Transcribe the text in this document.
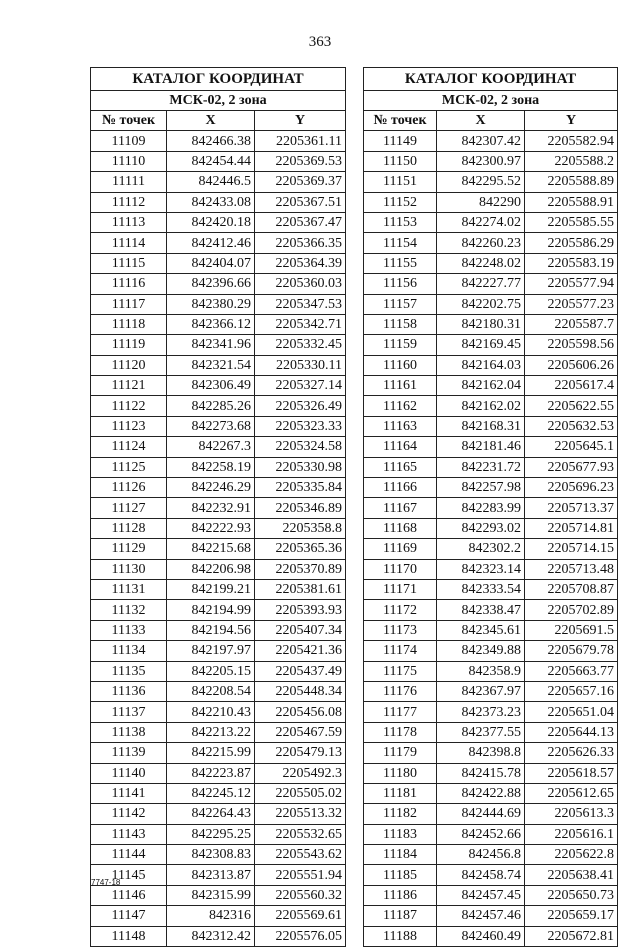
363
КАТАЛОГ КООРДИНАТ		
МСК-02, 2 зона		
№ точек	X	Y
11109	842466.38	2205361.11
11110	842454.44	2205369.53
11111	842446.5	2205369.37
11112	842433.08	2205367.51
11113	842420.18	2205367.47
11114	842412.46	2205366.35
11115	842404.07	2205364.39
11116	842396.66	2205360.03
11117	842380.29	2205347.53
11118	842366.12	2205342.71
11119	842341.96	2205332.45
11120	842321.54	2205330.11
11121	842306.49	2205327.14
11122	842285.26	2205326.49
11123	842273.68	2205323.33
11124	842267.3	2205324.58
11125	842258.19	2205330.98
11126	842246.29	2205335.84
11127	842232.91	2205346.89
11128	842222.93	2205358.8
11129	842215.68	2205365.36
11130	842206.98	2205370.89
11131	842199.21	2205381.61
11132	842194.99	2205393.93
11133	842194.56	2205407.34
11134	842197.97	2205421.36
11135	842205.15	2205437.49
11136	842208.54	2205448.34
11137	842210.43	2205456.08
11138	842213.22	2205467.59
11139	842215.99	2205479.13
11140	842223.87	2205492.3
11141	842245.12	2205505.02
11142	842264.43	2205513.32
11143	842295.25	2205532.65
11144	842308.83	2205543.62
11145	842313.87	2205551.94
11146	842315.99	2205560.32
11147	842316	2205569.61
11148	842312.42	2205576.05
КАТАЛОГ КООРДИНАТ		
МСК-02, 2 зона		
№ точек	X	Y
11149	842307.42	2205582.94
11150	842300.97	2205588.2
11151	842295.52	2205588.89
11152	842290	2205588.91
11153	842274.02	2205585.55
11154	842260.23	2205586.29
11155	842248.02	2205583.19
11156	842227.77	2205577.94
11157	842202.75	2205577.23
11158	842180.31	2205587.7
11159	842169.45	2205598.56
11160	842164.03	2205606.26
11161	842162.04	2205617.4
11162	842162.02	2205622.55
11163	842168.31	2205632.53
11164	842181.46	2205645.1
11165	842231.72	2205677.93
11166	842257.98	2205696.23
11167	842283.99	2205713.37
11168	842293.02	2205714.81
11169	842302.2	2205714.15
11170	842323.14	2205713.48
11171	842333.54	2205708.87
11172	842338.47	2205702.89
11173	842345.61	2205691.5
11174	842349.88	2205679.78
11175	842358.9	2205663.77
11176	842367.97	2205657.16
11177	842373.23	2205651.04
11178	842377.55	2205644.13
11179	842398.8	2205626.33
11180	842415.78	2205618.57
11181	842422.88	2205612.65
11182	842444.69	2205613.3
11183	842452.66	2205616.1
11184	842456.8	2205622.8
11185	842458.74	2205638.41
11186	842457.45	2205650.73
11187	842457.46	2205659.17
11188	842460.49	2205672.81
7747-18
